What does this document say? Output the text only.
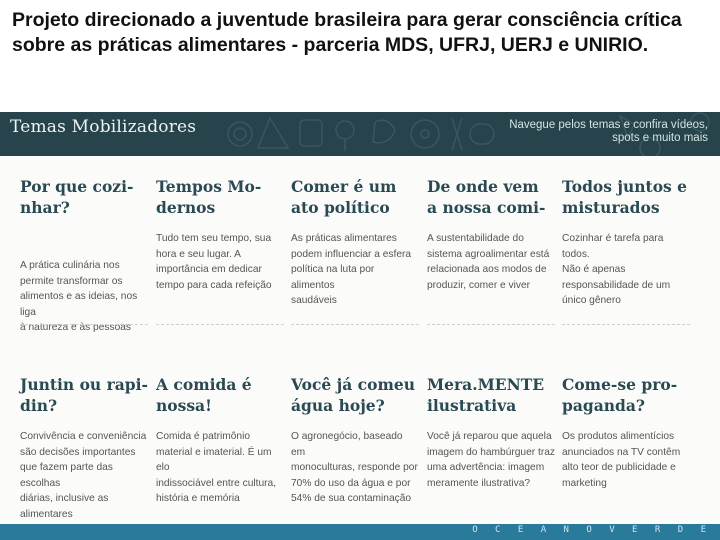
Projeto direcionado a juventude brasileira para gerar consciência crítica sobre as práticas alimentares - parceria MDS, UFRJ, UERJ e UNIRIO.
Temas Mobilizadores	Navegue pelos temas e confira vídeos, spots e muito mais
Por que cozi-
nhar?
A prática culinária nos
permite transformar os
alimentos e as ideias, nos liga
à natureza e às pessoas
Tempos Mo-
dernos
Tudo tem seu tempo, sua
hora e seu lugar. A
importância em dedicar
tempo para cada refeição
Comer é um
ato político
As práticas alimentares
podem influenciar a esfera
política na luta por alimentos
saudáveis
De onde vem
a nossa comi-
A sustentabilidade do
sistema agroalimentar está
relacionada aos modos de
produzir, comer e viver
Todos juntos e
misturados
Cozinhar é tarefa para todos.
Não é apenas
responsabilidade de um
único gênero
Juntin ou rapi-
din?
Convivência e conveniência
são decisões importantes
que fazem parte das escolhas
diárias, inclusive as
alimentares
A comida é
nossa!
Comida é patrimônio
material e imaterial. É um elo
indissociável entre cultura,
história e memória
Você já comeu
água hoje?
O agronegócio, baseado em
monoculturas, responde por
70% do uso da água e por
54% de sua contaminação
Mera.MENTE
ilustrativa
Você já reparou que aquela
imagem do hambúrguer traz
uma advertência: imagem
meramente ilustrativa?
Come-se pro-
paganda?
Os produtos alimentícios
anunciados na TV contêm
alto teor de publicidade e
marketing
O C E A N O V E R D E
